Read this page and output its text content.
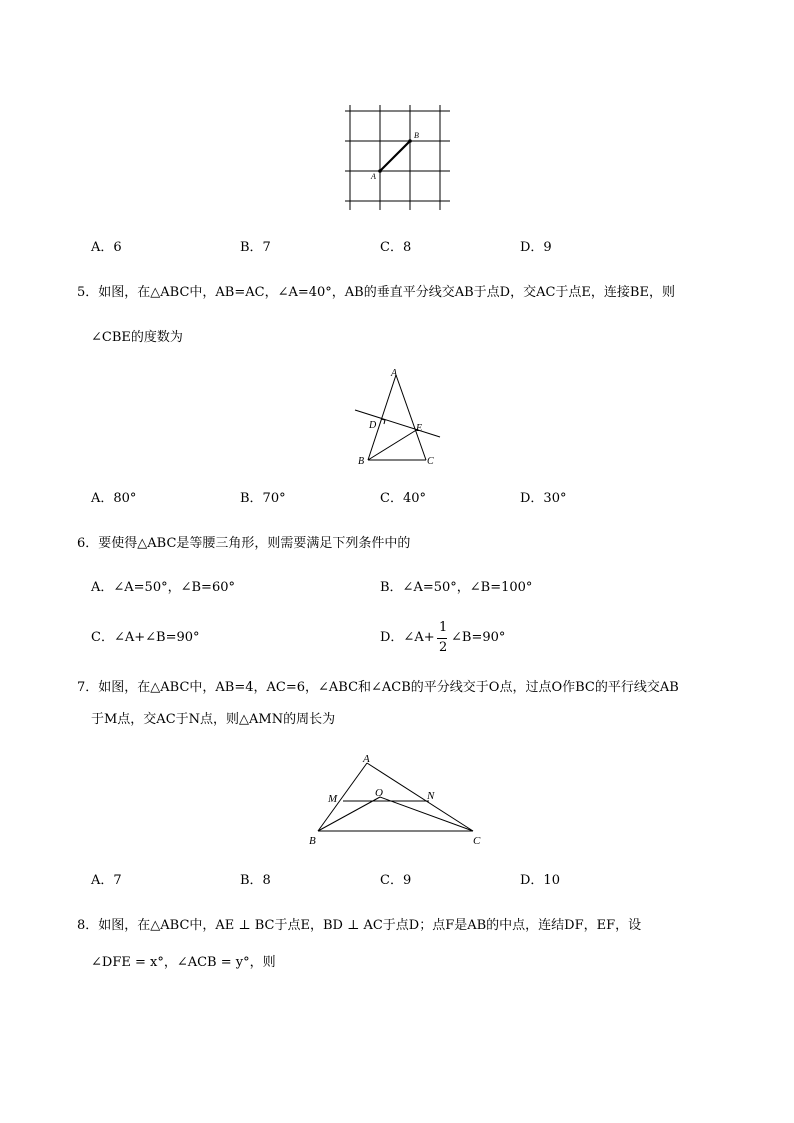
A
B
A．6	B．7	C．8	D．9
5．如图，在△ABC中，AB=AC，∠A=40°，AB的垂直平分线交AB于点D，交AC于点E，连接BE，则
∠CBE的度数为
A
B	C
D	E
A．80°	B．70°	C．40°	D．30°
6．要使得△ABC是等腰三角形，则需要满足下列条件中的
A．∠A=50°，∠B=60°	B．∠A=50°，∠B=100°
C．∠A+∠B=90°	D．∠A+
1
2
∠B=90°
7．如图，在△ABC中，AB=4，AC=6，∠ABC和∠ACB的平分线交于O点，过点O作BC的平行线交AB
于M点，交AC于N点，则△AMN的周长为
A
B	C
M	N
O
A．7	B．8	C．9	D．10
8．如图，在△ABC中，AE ⊥ BC于点E，BD ⊥ AC于点D；点F是AB的中点，连结DF，EF，设
∠DFE = x°，∠ACB = y°，则
